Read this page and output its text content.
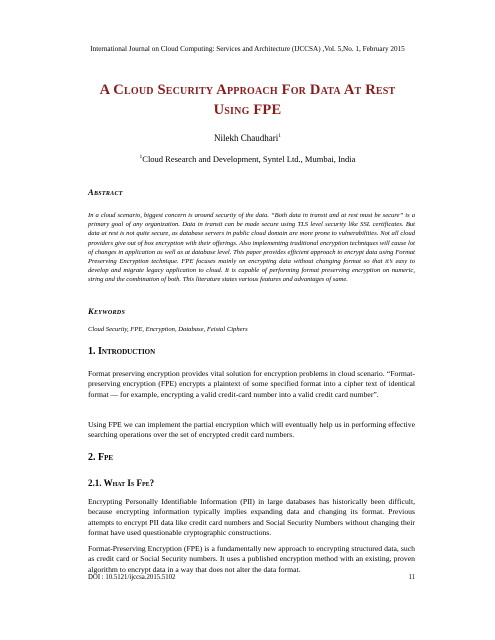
International Journal on Cloud Computing: Services and Architecture (IJCCSA) ,Vol. 5,No. 1, February 2015
A Cloud Security Approach For Data At Rest
Using FPE
Nilekh Chaudhari$^1$
$^1$Cloud Research and Development, Syntel Ltd., Mumbai, India
Abstract
In a cloud scenario, biggest concern is around security of the data. “Both data in transit and at rest must be secure” is a primary goal of any organization. Data in transit can be made secure using TLS level security like SSL certificates. But data at rest is not quite secure, as database servers in public cloud domain are more prone to vulnerabilities. Not all cloud providers give out of box encryption with their offerings. Also implementing traditional encryption techniques will cause lot of changes in application as well as at database level. This paper provides efficient approach to encrypt data using Format Preserving Encryption technique. FPE focuses mainly on encrypting data without changing format so that it’s easy to develop and migrate legacy application to cloud. It is capable of performing format preserving encryption on numeric, string and the combination of both. This literature states various features and advantages of same.
Keywords
Cloud Security, FPE, Encryption, Database, Feistal Ciphers
1. Introduction
Format preserving encryption provides vital solution for encryption problems in cloud scenario. “Format-preserving encryption (FPE) encrypts a plaintext of some specified format into a cipher text of identical format — for example, encrypting a valid credit-card number into a valid credit card number”.
Using FPE we can implement the partial encryption which will eventually help us in performing effective searching operations over the set of encrypted credit card numbers.
2. Fpe
2.1. What Is Fpe?
Encrypting Personally Identifiable Information (PII) in large databases has historically been difficult, because encrypting information typically implies expanding data and changing its format. Previous attempts to encrypt PII data like credit card numbers and Social Security Numbers without changing their format have used questionable cryptographic constructions.
Format-Preserving Encryption (FPE) is a fundamentally new approach to encrypting structured data, such as credit card or Social Security numbers. It uses a published encryption method with an existing, proven algorithm to encrypt data in a way that does not alter the data format.
DOI : 10.5121/ijccsa.2015.5102	11
